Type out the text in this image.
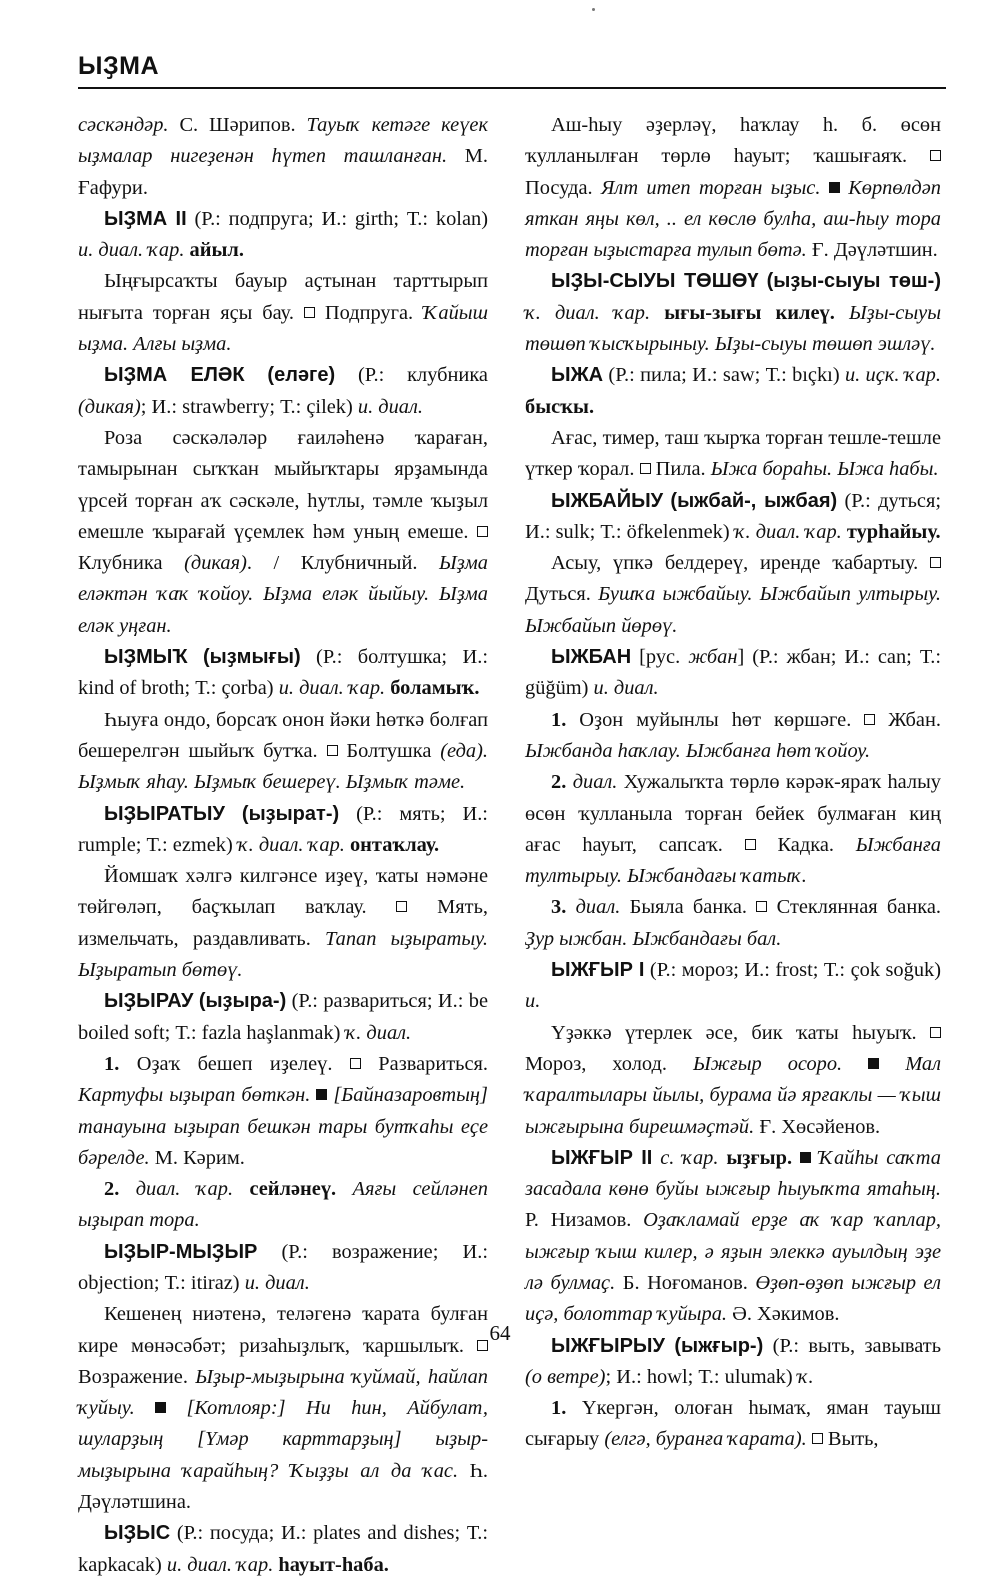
ЫҘМА

сәскәндәр. С. Шәрипов. Тауыҡ кетәге кеүек ыҙмалар нигеҙенән һүтеп ташланған. М. Ғафури.

ЫҘМА II (Р.: подпруга; И.: girth; Т.: kolan) и. диал. ҡар. айыл.

Ыңғырсаҡты бауыр аҫтынан тарттырып нығыта торған яҫы бау.  Подпруга. Ҡайыш ыҙма. Алғы ыҙма.

ЫҘМА ЕЛӘК (еләге) (Р.: клубника (дикая); И.: strawberry; Т.: çilek) и. диал.

Роза сәскәләләр ғаиләһенә ҡараған, тамырынан сыҡҡан мыйыҡтары ярҙамында үрсей торған аҡ сәскәле, һутлы, тәмле ҡыҙыл емешле ҡырағай үҫемлек һәм уның емеше.  Клубника (дикая). / Клубничный. Ыҙма еләктән ҡаҡ ҡойоу. Ыҙма еләк йыйыу. Ыҙма еләк уңған.

ЫҘМЫҠ (ыҙмығы) (Р.: болтушка; И.: kind of broth; Т.: çorba) и. диал. ҡар. боламыҡ.

Һыуға ондо, борсаҡ онон йәки һөткә болғап бешерелгән шыйыҡ бутҡа.  Болтушка (еда). Ыҙмыҡ яһау. Ыҙмыҡ бешереү. Ыҙмыҡ тәме.

ЫҘЫРАТЫУ (ыҙырат-) (Р.: мять; И.: rumple; Т.: ezmek) ҡ. диал. ҡар. онтаҡлау.

Йомшаҡ хәлгә килгәнсе иҙеү, ҡаты нәмәне төйгөләп, баҫҡылап ваҡлау.  Мять, измельчать, раздавливать. Тапап ыҙыратыу. Ыҙыратып бөтөү.

ЫҘЫРАУ (ыҙыра-) (Р.: развариться; И.: be boiled soft; Т.: fazla haşlanmak) ҡ. диал.

1. Оҙаҡ бешеп иҙелеү.  Развариться. Картуфы ыҙырап бөткән. [Байназаровтың] танауына ыҙырап бешкән тары бутҡаһы еҫе бәрелде. М. Кәрим.

2. диал. ҡар. сейләнеү. Аяғы сейләнеп ыҙырап тора.

ЫҘЫР-МЫҘЫР (Р.: возражение; И.: objection; Т.: itiraz) и. диал.

Кешенең ниәтенә, теләгенә ҡарата булған кире мөнәсәбәт; ризаһыҙлыҡ, ҡаршылыҡ.  Возражение. Ыҙыр-мыҙырына ҡуймай, һайлап ҡуйыу.	[Котлояр:] Ни һин, Айбулат, шуларҙың [Үмәр карттарҙың] ыҙыр-мыҙырына ҡарайһың? Ҡыҙҙы ал да ҡас. Һ. Дәүләтшина.

ЫҘЫС (Р.: посуда; И.: plates and dishes; Т.: kapkacak) и. диал. ҡар. һауыт-һаба.

Аш-һыу әҙерләү, һаҡлау һ. б. өсөн ҡулланылған төрлө һауыт; ҡашығаяҡ.  Посуда. Ялт итеп торған ыҙыс. Көрпөлдәп яткан яңы көл, .. ел көслө булһа, аш-һыу тора торған ыҙыстарға тулып бөтә. Ғ. Дәүләтшин.

ЫҘЫ-СЫУЫ ТӨШӨҮ (ыҙы-сыуы төш-) ҡ. диал. ҡар. ығы-зығы килеү. Ыҙы-сыуы төшөп ҡысҡырыныу. Ыҙы-сыуы төшөп эшләү.

ЫЖА (Р.: пила; И.: saw; Т.: bıçkı) и. иҫк. ҡар. бысҡы.

Ағас, тимер, таш ҡырҡа торған тешле-тешле үткер ҡорал.  Пила. Ыжа бораһы. Ыжа һабы.

ЫЖБАЙЫУ (ыжбай-, ыжбая) (Р.: дуться; И.: sulk; Т.: öfkelenmek) ҡ. диал. ҡар. турһайыу.

Асыу, үпкә белдереү, иренде ҡабартыу.  Дуться. Бушҡа ыжбайыу. Ыжбайып ултырыу. Ыжбайып йөрөү.

ЫЖБАН [рус. жбан] (Р.: жбан; И.: can; Т.: güğüm) и. диал.

1. Оҙон муйынлы һөт көршәге.  Жбан. Ыжбанда һаҡлау. Ыжбанға һөт ҡойоу.

2. диал. Хужалыҡта төрлө кәрәк-яраҡ һалыу өсөн ҡулланыла торған бейек булмаған киң ағас һауыт, сапсаҡ.  Кадка. Ыжбанға тултырыу. Ыжбандағы ҡатыҡ.

3. диал. Быяла банка.  Стеклянная банка. Ҙур ыжбан. Ыжбандағы бал.

ЫЖҒЫР I (Р.: мороз; И.: frost; Т.: çok soğuk) и.

Үҙәккә үтерлек әсе, бик ҡаты һыуыҡ.  Мороз, холод. Ыжғыр осоро.	Мал ҡаралтылары йылы, бурама йә ярғаклы — ҡыш ыжғырына бирешмәҫтәй. Ғ. Хөсәйенов.

ЫЖҒЫР II с. ҡар. ыҙғыр. Ҡайһы саҡта засадала көнө буйы ыжғыр һыуыҡта ятаһың. Р. Низамов. Оҙаҡламай ерҙе аҡ ҡар ҡаплар, ыжғыр ҡыш килер, ә яҙын элеккә ауылдың эҙе лә булмаҫ. Б. Ноғоманов. Өҙөп-өҙөп ыжғыр ел иҫә, болоттар ҡуйыра. Ә. Хәкимов.

ЫЖҒЫРЫУ (ыжғыр-) (Р.: выть, завывать (о ветре); И.: howl; Т.: ulumak) ҡ.

1. Үкергән, олоған һымаҡ, яман тауыш сығарыу (елгә, буранға ҡарата).  Выть,

64
